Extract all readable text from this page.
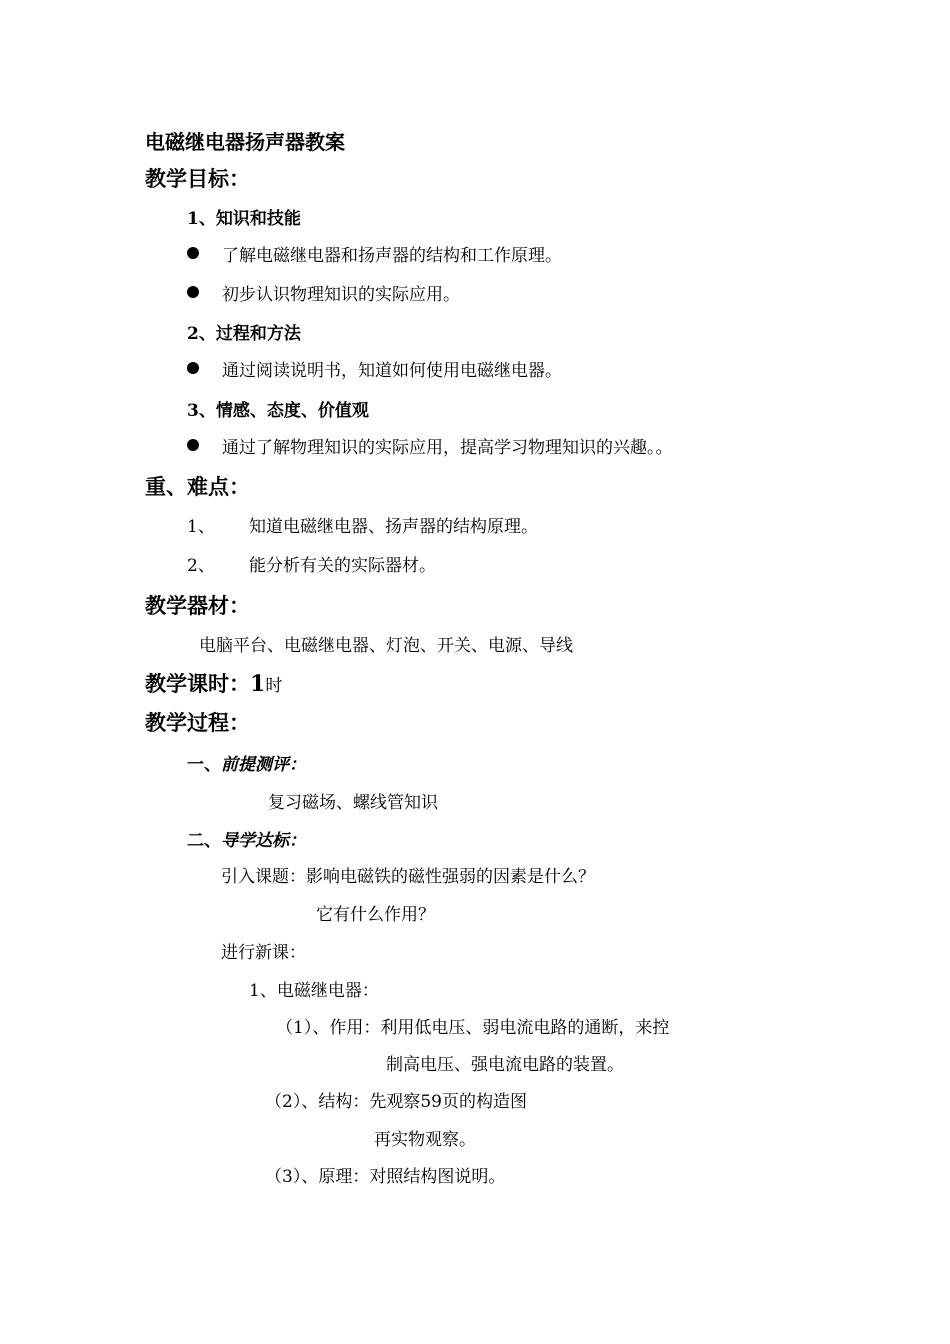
电磁继电器扬声器教案
教学目标：
1、知识和技能
了解电磁继电器和扬声器的结构和工作原理。
初步认识物理知识的实际应用。
2、过程和方法
通过阅读说明书，知道如何使用电磁继电器。
3、情感、态度、价值观
通过了解物理知识的实际应用，提高学习物理知识的兴趣。。
重、难点：
1、 知道电磁继电器、扬声器的结构原理。
2、 能分析有关的实际器材。
教学器材：
电脑平台、电磁继电器、灯泡、开关、电源、导线
教学课时：1时
教学过程：
一、前提测评：
复习磁场、螺线管知识
二、导学达标：
引入课题：影响电磁铁的磁性强弱的因素是什么？
它有什么作用？
进行新课：
1、电磁继电器：
（1）、作用：利用低电压、弱电流电路的通断，来控
制高电压、强电流电路的装置。
（2）、结构：先观察59页的构造图
再实物观察。
（3）、原理：对照结构图说明。
